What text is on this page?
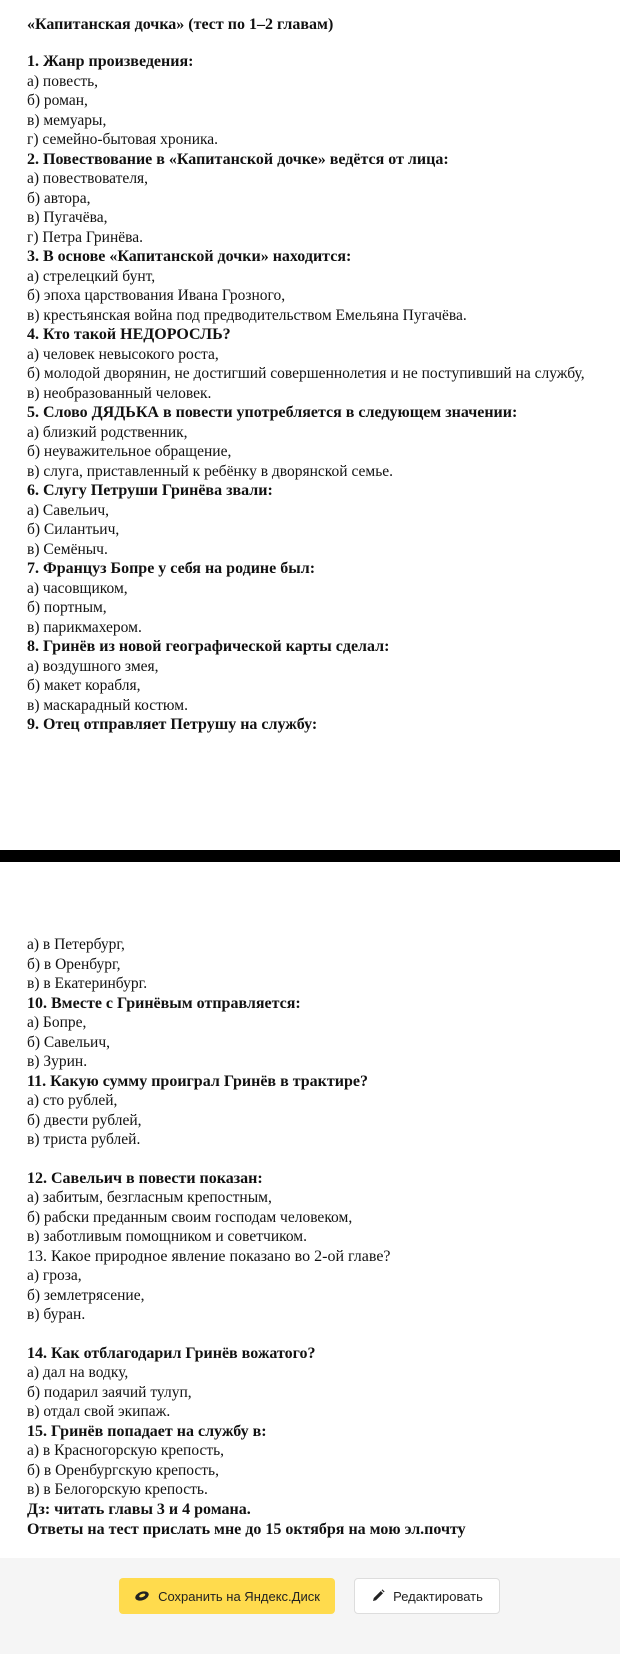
«Капитанская дочка» (тест по 1–2 главам)
1. Жанр произведения:
а) повесть,
б) роман,
в) мемуары,
г) семейно-бытовая хроника.
2. Повествование в «Капитанской дочке» ведётся от лица:
а) повествователя,
б) автора,
в) Пугачёва,
г) Петра Гринёва.
3. В основе «Капитанской дочки» находится:
а) стрелецкий бунт,
б) эпоха царствования Ивана Грозного,
в) крестьянская война под предводительством Емельяна Пугачёва.
4. Кто такой НЕДОРОСЛЬ?
а) человек невысокого роста,
б) молодой дворянин, не достигший совершеннолетия и не поступивший на службу,
в) необразованный человек.
5. Слово ДЯДЬКА в повести употребляется в следующем значении:
а) близкий родственник,
б) неуважительное обращение,
в) слуга, приставленный к ребёнку в дворянской семье.
6. Слугу Петруши Гринёва звали:
а) Савельич,
б) Силантьич,
в) Семёныч.
7. Француз Бопре у себя на родине был:
а) часовщиком,
б) портным,
в) парикмахером.
8. Гринёв из новой географической карты сделал:
а) воздушного змея,
б) макет корабля,
в) маскарадный костюм.
9. Отец отправляет Петрушу на службу:
а) в Петербург,
б) в Оренбург,
в) в Екатеринбург.
10. Вместе с Гринёвым отправляется:
а) Бопре,
б) Савельич,
в) Зурин.
11. Какую сумму проиграл Гринёв в трактире?
а) сто рублей,
б) двести рублей,
в) триста рублей.
12. Савельич в повести показан:
а) забитым, безгласным крепостным,
б) рабски преданным своим господам человеком,
в) заботливым помощником и советчиком.
13. Какое природное явление показано во 2-ой главе?
а) гроза,
б) землетрясение,
в) буран.
14. Как отблагодарил Гринёв вожатого?
а) дал на водку,
б) подарил заячий тулуп,
в) отдал свой экипаж.
15. Гринёв попадает на службу в:
а) в Красногорскую крепость,
б) в Оренбургскую крепость,
в) в Белогорскую крепость.
Дз: читать главы 3 и 4 романа.
Ответы на тест прислать мне до 15 октября на мою эл.почту
Сохранить на Яндекс.Диск	Редактировать
